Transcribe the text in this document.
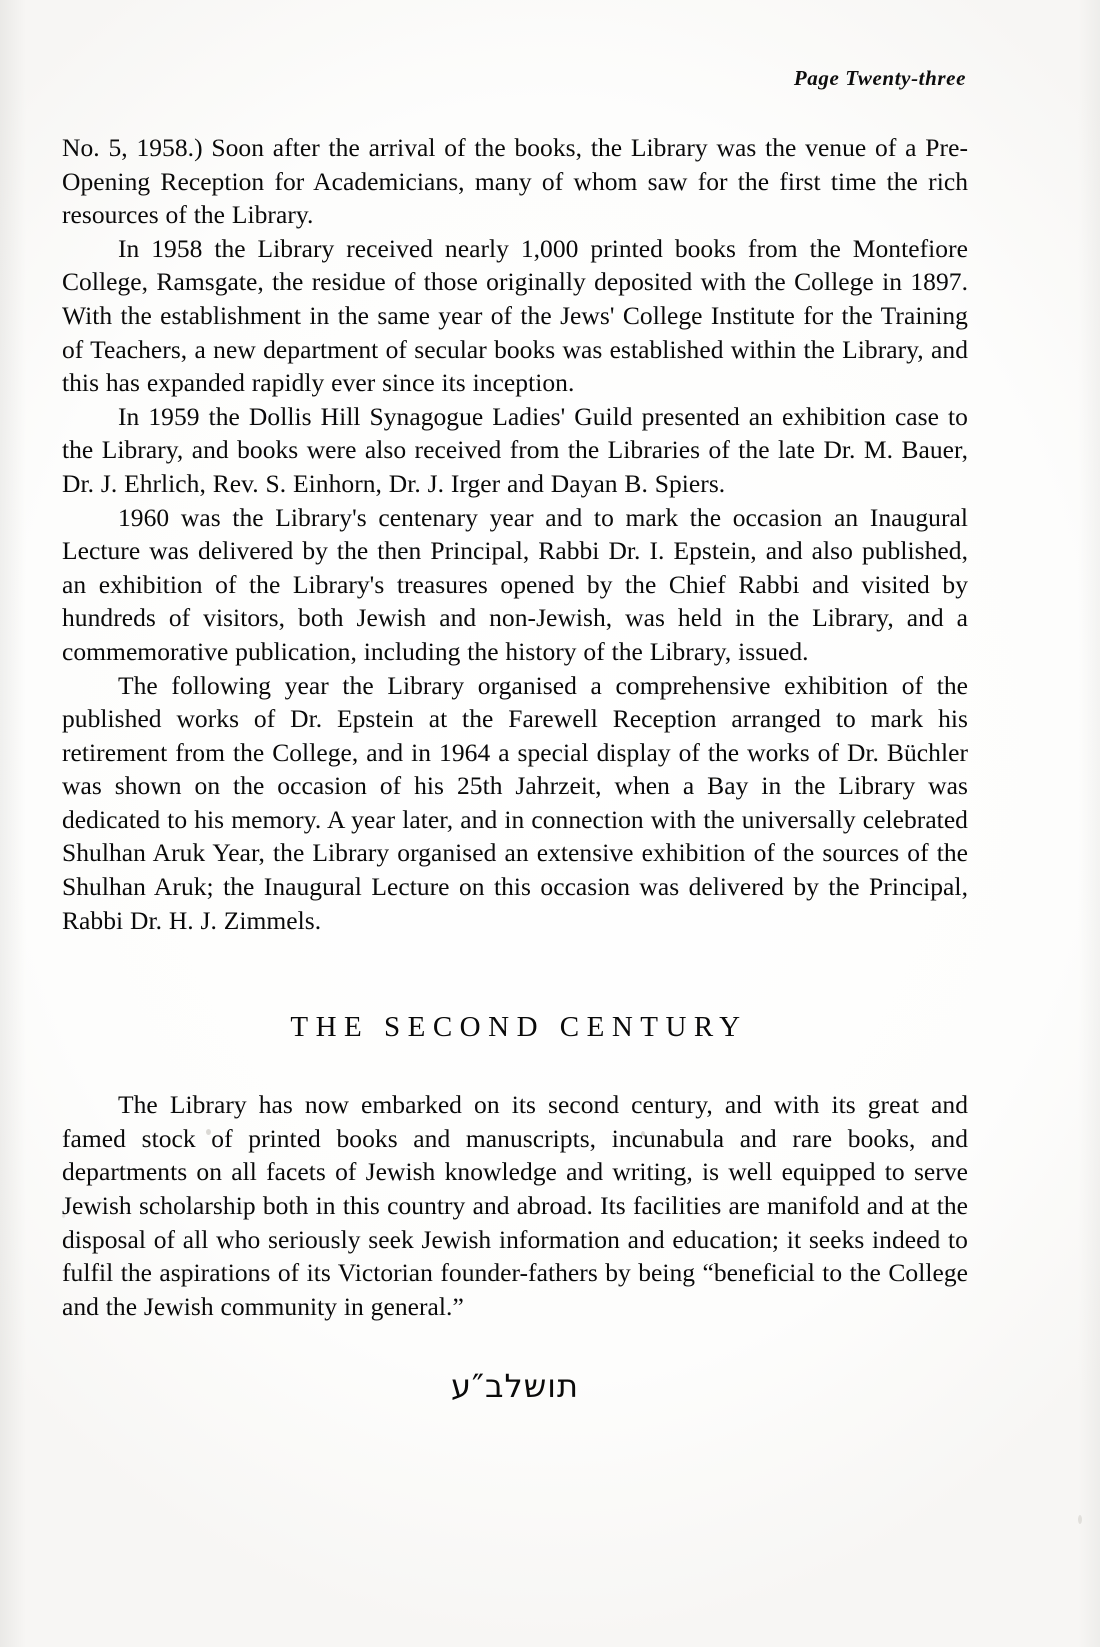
Page Twenty-three

No. 5, 1958.) Soon after the arrival of the books, the Library was the venue of a Pre-Opening Reception for Academicians, many of whom saw for the first time the rich resources of the Library.

In 1958 the Library received nearly 1,000 printed books from the Montefiore College, Ramsgate, the residue of those originally deposited with the College in 1897. With the establishment in the same year of the Jews' College Institute for the Training of Teachers, a new department of secular books was established within the Library, and this has expanded rapidly ever since its inception.

In 1959 the Dollis Hill Synagogue Ladies' Guild presented an exhibition case to the Library, and books were also received from the Libraries of the late Dr. M. Bauer, Dr. J. Ehrlich, Rev. S. Einhorn, Dr. J. Irger and Dayan B. Spiers.

1960 was the Library's centenary year and to mark the occasion an Inaugural Lecture was delivered by the then Principal, Rabbi Dr. I. Epstein, and also published, an exhibition of the Library's treasures opened by the Chief Rabbi and visited by hundreds of visitors, both Jewish and non-Jewish, was held in the Library, and a commemorative publication, including the history of the Library, issued.

The following year the Library organised a comprehensive exhibition of the published works of Dr. Epstein at the Farewell Reception arranged to mark his retirement from the College, and in 1964 a special display of the works of Dr. Büchler was shown on the occasion of his 25th Jahrzeit, when a Bay in the Library was dedicated to his memory. A year later, and in connection with the universally celebrated Shulhan Aruk Year, the Library organised an extensive exhibition of the sources of the Shulhan Aruk; the Inaugural Lecture on this occasion was delivered by the Principal, Rabbi Dr. H. J. Zimmels.

THE SECOND CENTURY

The Library has now embarked on its second century, and with its great and famed stock of printed books and manuscripts, incunabula and rare books, and departments on all facets of Jewish knowledge and writing, is well equipped to serve Jewish scholarship both in this country and abroad. Its facilities are manifold and at the disposal of all who seriously seek Jewish information and education; it seeks indeed to fulfil the aspirations of its Victorian founder-fathers by being “beneficial to the College and the Jewish community in general.”

תושלב″ע
